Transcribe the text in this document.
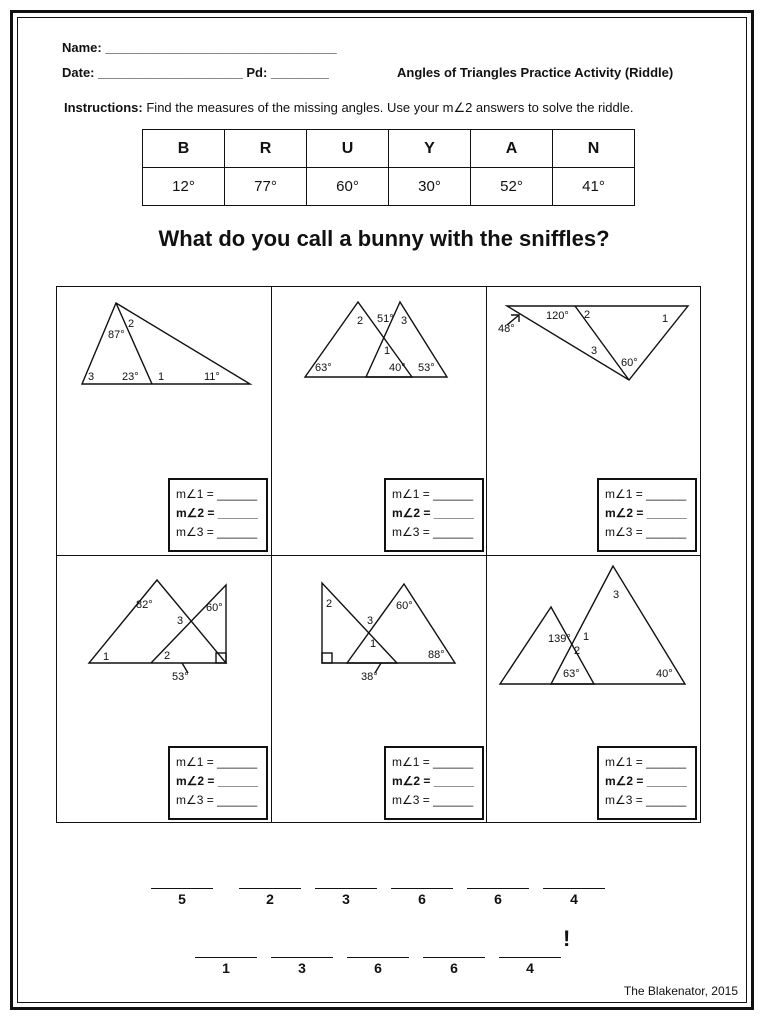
Name: ________________________________
Date: ____________________ Pd: ________	Angles of Triangles Practice Activity (Riddle)
Instructions: Find the measures of the missing angles. Use your m∠2 answers to solve the riddle.
B	R	U	Y	A	N
12°	77°	60°	30°	52°	41°
What do you call a bunny with the sniffles?
87°
2
3	23° 1	11°
2 51° 3
1
63°	40° 53°
120° 2	1
48°
3
60°
82°
3
60°
1	2
53°
2
3
60°
1
88°
38°
3
139° 1
2
63°	40°
m∠1 = ______
m∠2 = ______
m∠3 = ______
m∠1 = ______
m∠2 = ______
m∠3 = ______
m∠1 = ______
m∠2 = ______
m∠3 = ______
m∠1 = ______
m∠2 = ______
m∠3 = ______
m∠1 = ______
m∠2 = ______
m∠3 = ______
m∠1 = ______
m∠2 = ______
m∠3 = ______
5	2	3	6	6	4
1	3	6	6	4
!
The Blakenator, 2015
